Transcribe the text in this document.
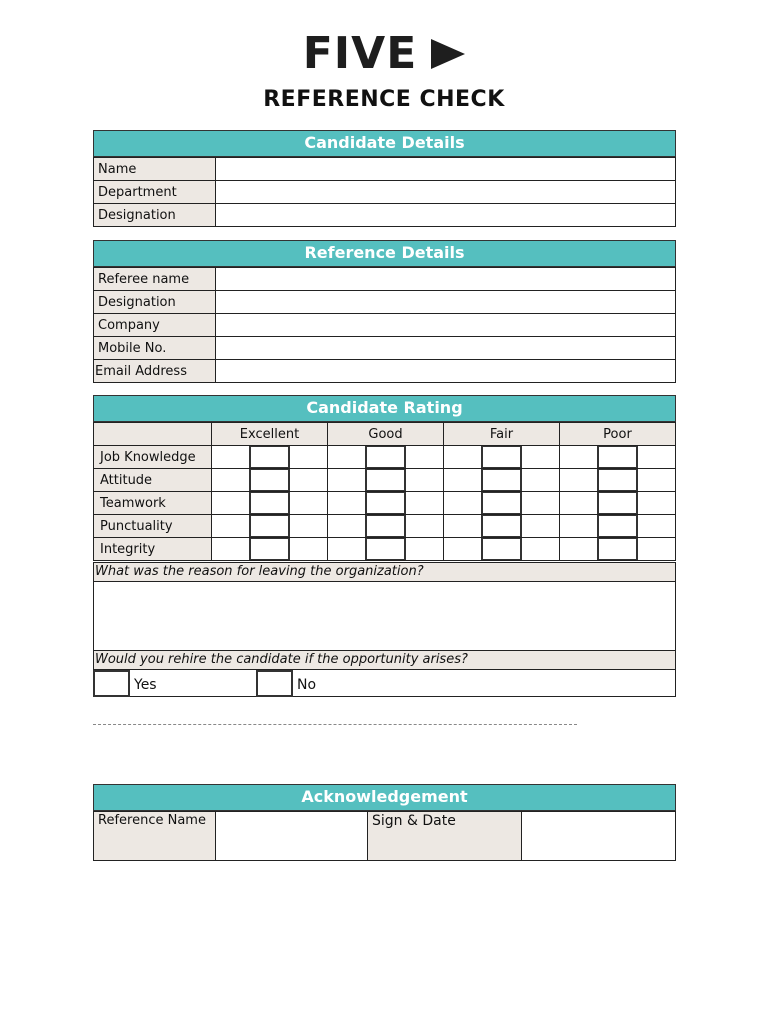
FIVE
REFERENCE CHECK
Candidate Details
Name	
Department	
Designation	
Reference Details
Referee name	
Designation	
Company	
Mobile No.	
Email Address	
Candidate Rating
	Excellent	Good	Fair	Poor
Job Knowledge	

Attitude	

Teamwork	

Punctuality	

Integrity	

What was the reason for leaving the organization?
Would you rehire the candidate if the opportunity arises?
Yes	No
Acknowledgement
Reference Name		Sign & Date	
